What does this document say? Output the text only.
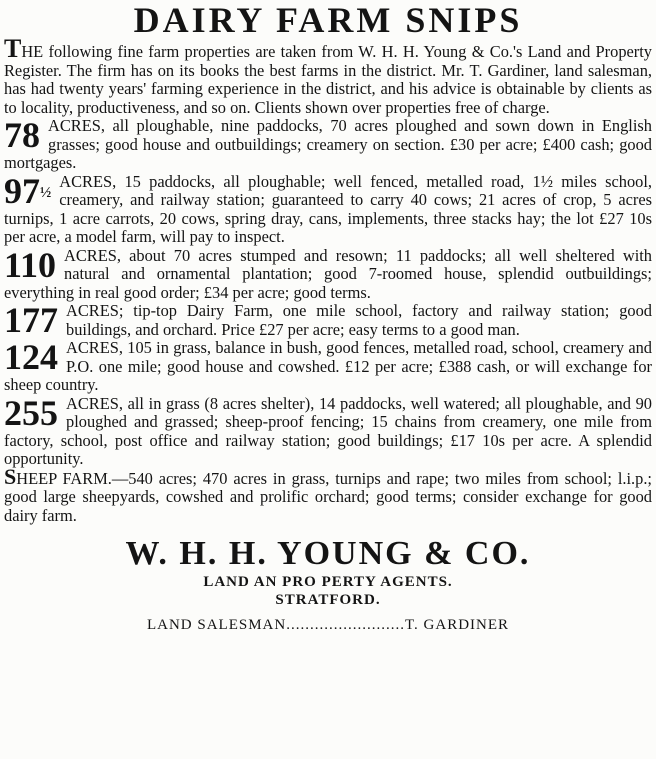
DAIRY FARM SNIPS

THE following fine farm properties are taken from W. H. H. Young & Co.'s Land and Property Register. The firm has on its books the best farms in the district. Mr. T. Gardiner, land salesman, has had twenty years' farming experience in the district, and his advice is obtainable by clients as to locality, productiveness, and so on. Clients shown over properties free of charge.

78 ACRES, all ploughable, nine paddocks, 70 acres ploughed and sown down in English grasses; good house and outbuildings; creamery on section. £30 per acre; £400 cash; good mortgages.

$97^{\frac{1}{2}}$
ACRES, 15 paddocks, all ploughable; well fenced, metalled road, 1½ miles school, creamery, and railway station; guaranteed to carry 40 cows; 21 acres of crop, 5 acres turnips, 1 acre carrots, 20 cows, spring dray, cans, implements, three stacks hay; the lot £27 10s per acre, a model farm, will pay to inspect.

110 ACRES, about 70 acres stumped and resown; 11 paddocks; all well sheltered with natural and ornamental plantation; good 7-roomed house, splendid outbuildings; everything in real good order; £34 per acre; good terms.

177 ACRES; tip-top Dairy Farm, one mile school, factory and railway station; good buildings, and orchard. Price £27 per acre; easy terms to a good man.

124 ACRES, 105 in grass, balance in bush, good fences, metalled road, school, creamery and P.O. one mile; good house and cowshed. £12 per acre; £388 cash, or will exchange for sheep country.

255 ACRES, all in grass (8 acres shelter), 14 paddocks, well watered; all ploughable, and 90 ploughed and grassed; sheep-proof fencing; 15 chains from creamery, one mile from factory, school, post office and railway station; good buildings; £17 10s per acre. A splendid opportunity.

SHEEP FARM.—540 acres; 470 acres in grass, turnips and rape; two miles from school; l.i.p.; good large sheepyards, cowshed and prolific orchard; good terms; consider exchange for good dairy farm.

W. H. H. YOUNG & CO.

LAND AN PRO PERTY AGENTS.

STRATFORD.

LAND SALESMAN.........................T. GARDINER
